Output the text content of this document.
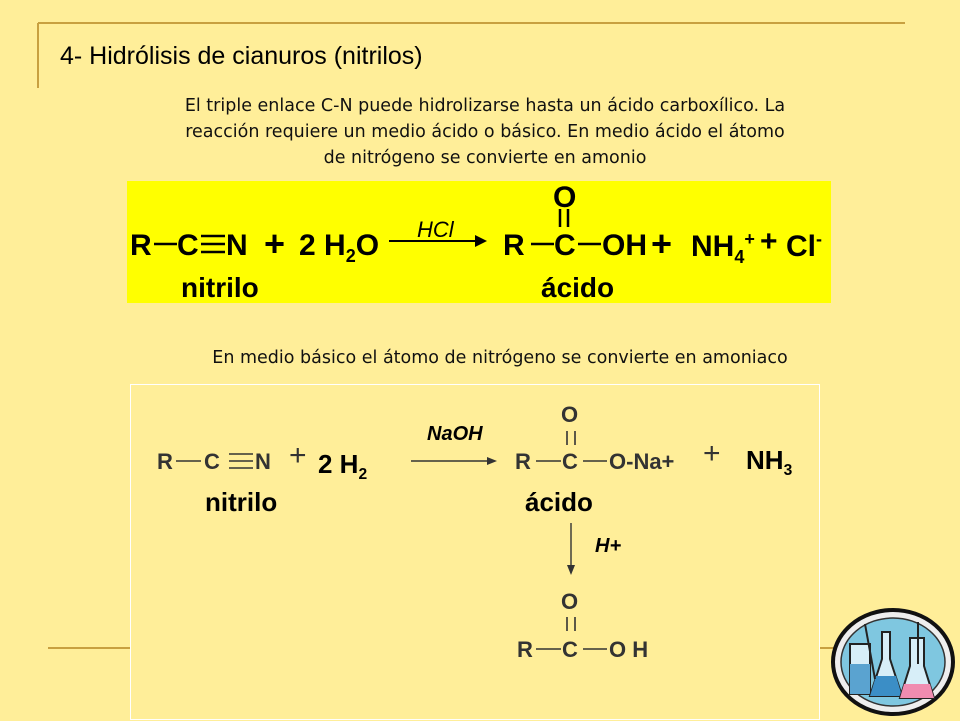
4- Hidrólisis de cianuros (nitrilos)
El triple enlace C-N puede hidrolizarse hasta un ácido carboxílico. La
reacción requiere un medio ácido o básico. En medio ácido el átomo
de nitrógeno se convierte en amonio
R C N + 2 $H_2O$ HCl R C
O
OH + $NH_4^+ + Cl^-$
nitrilo	ácido
En medio básico el átomo de nitrógeno se convierte en amoniaco
R C N + 2 $H_2$
NaOH
R C
O
$O-Na+ + NH_3$
nitrilo	ácido
H+
O
R C O H
